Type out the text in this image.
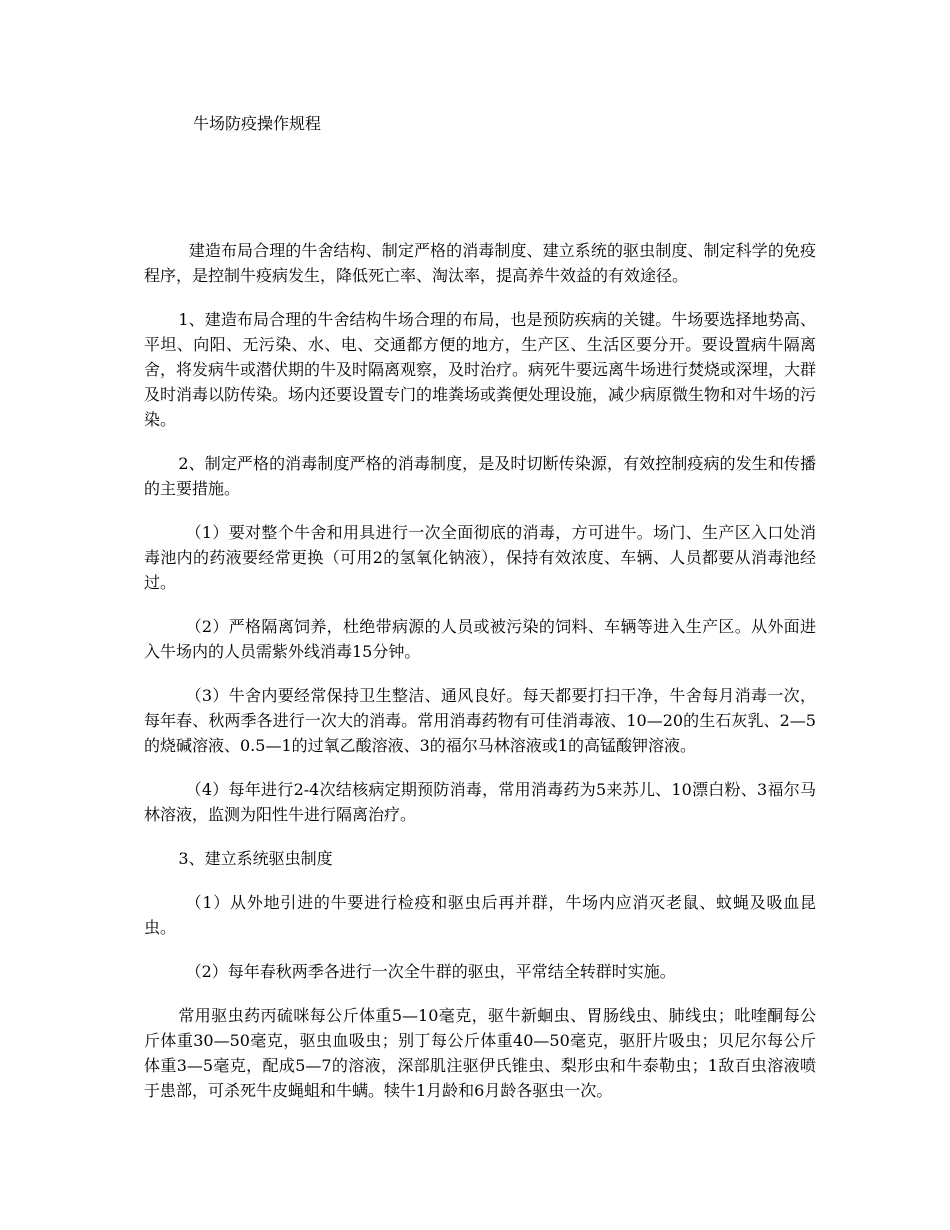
牛场防疫操作规程

建造布局合理的牛舍结构、制定严格的消毒制度、建立系统的驱虫制度、制定科学的免疫程序，是控制牛疫病发生，降低死亡率、淘汰率，提高养牛效益的有效途径。

1、建造布局合理的牛舍结构牛场合理的布局，也是预防疾病的关键。牛场要选择地势高、平坦、向阳、无污染、水、电、交通都方便的地方，生产区、生活区要分开。要设置病牛隔离舍，将发病牛或潜伏期的牛及时隔离观察，及时治疗。病死牛要远离牛场进行焚烧或深埋，大群及时消毒以防传染。场内还要设置专门的堆粪场或粪便处理设施，减少病原微生物和对牛场的污染。

2、制定严格的消毒制度严格的消毒制度，是及时切断传染源，有效控制疫病的发生和传播的主要措施。

（1）要对整个牛舍和用具进行一次全面彻底的消毒，方可进牛。场门、生产区入口处消毒池内的药液要经常更换（可用2的氢氧化钠液），保持有效浓度、车辆、人员都要从消毒池经过。

（2）严格隔离饲养，杜绝带病源的人员或被污染的饲料、车辆等进入生产区。从外面进入牛场内的人员需紫外线消毒15分钟。

（3）牛舍内要经常保持卫生整洁、通风良好。每天都要打扫干净，牛舍每月消毒一次，每年春、秋两季各进行一次大的消毒。常用消毒药物有可佳消毒液、10—20的生石灰乳、2—5的烧碱溶液、0.5—1的过氧乙酸溶液、3的福尔马林溶液或1的高锰酸钾溶液。

（4）每年进行2-4次结核病定期预防消毒，常用消毒药为5来苏儿、10漂白粉、3福尔马林溶液，监测为阳性牛进行隔离治疗。

3、建立系统驱虫制度

（1）从外地引进的牛要进行检疫和驱虫后再并群，牛场内应消灭老鼠、蚊蝇及吸血昆虫。

（2）每年春秋两季各进行一次全牛群的驱虫，平常结全转群时实施。

常用驱虫药丙硫咪每公斤体重5—10毫克，驱牛新蛔虫、胃肠线虫、肺线虫；吡喹酮每公斤体重30—50毫克，驱虫血吸虫；别丁每公斤体重40—50毫克，驱肝片吸虫；贝尼尔每公斤体重3—5毫克，配成5—7的溶液，深部肌注驱伊氏锥虫、梨形虫和牛泰勒虫；1敌百虫溶液喷于患部，可杀死牛皮蝇蛆和牛螨。犊牛1月龄和6月龄各驱虫一次。
